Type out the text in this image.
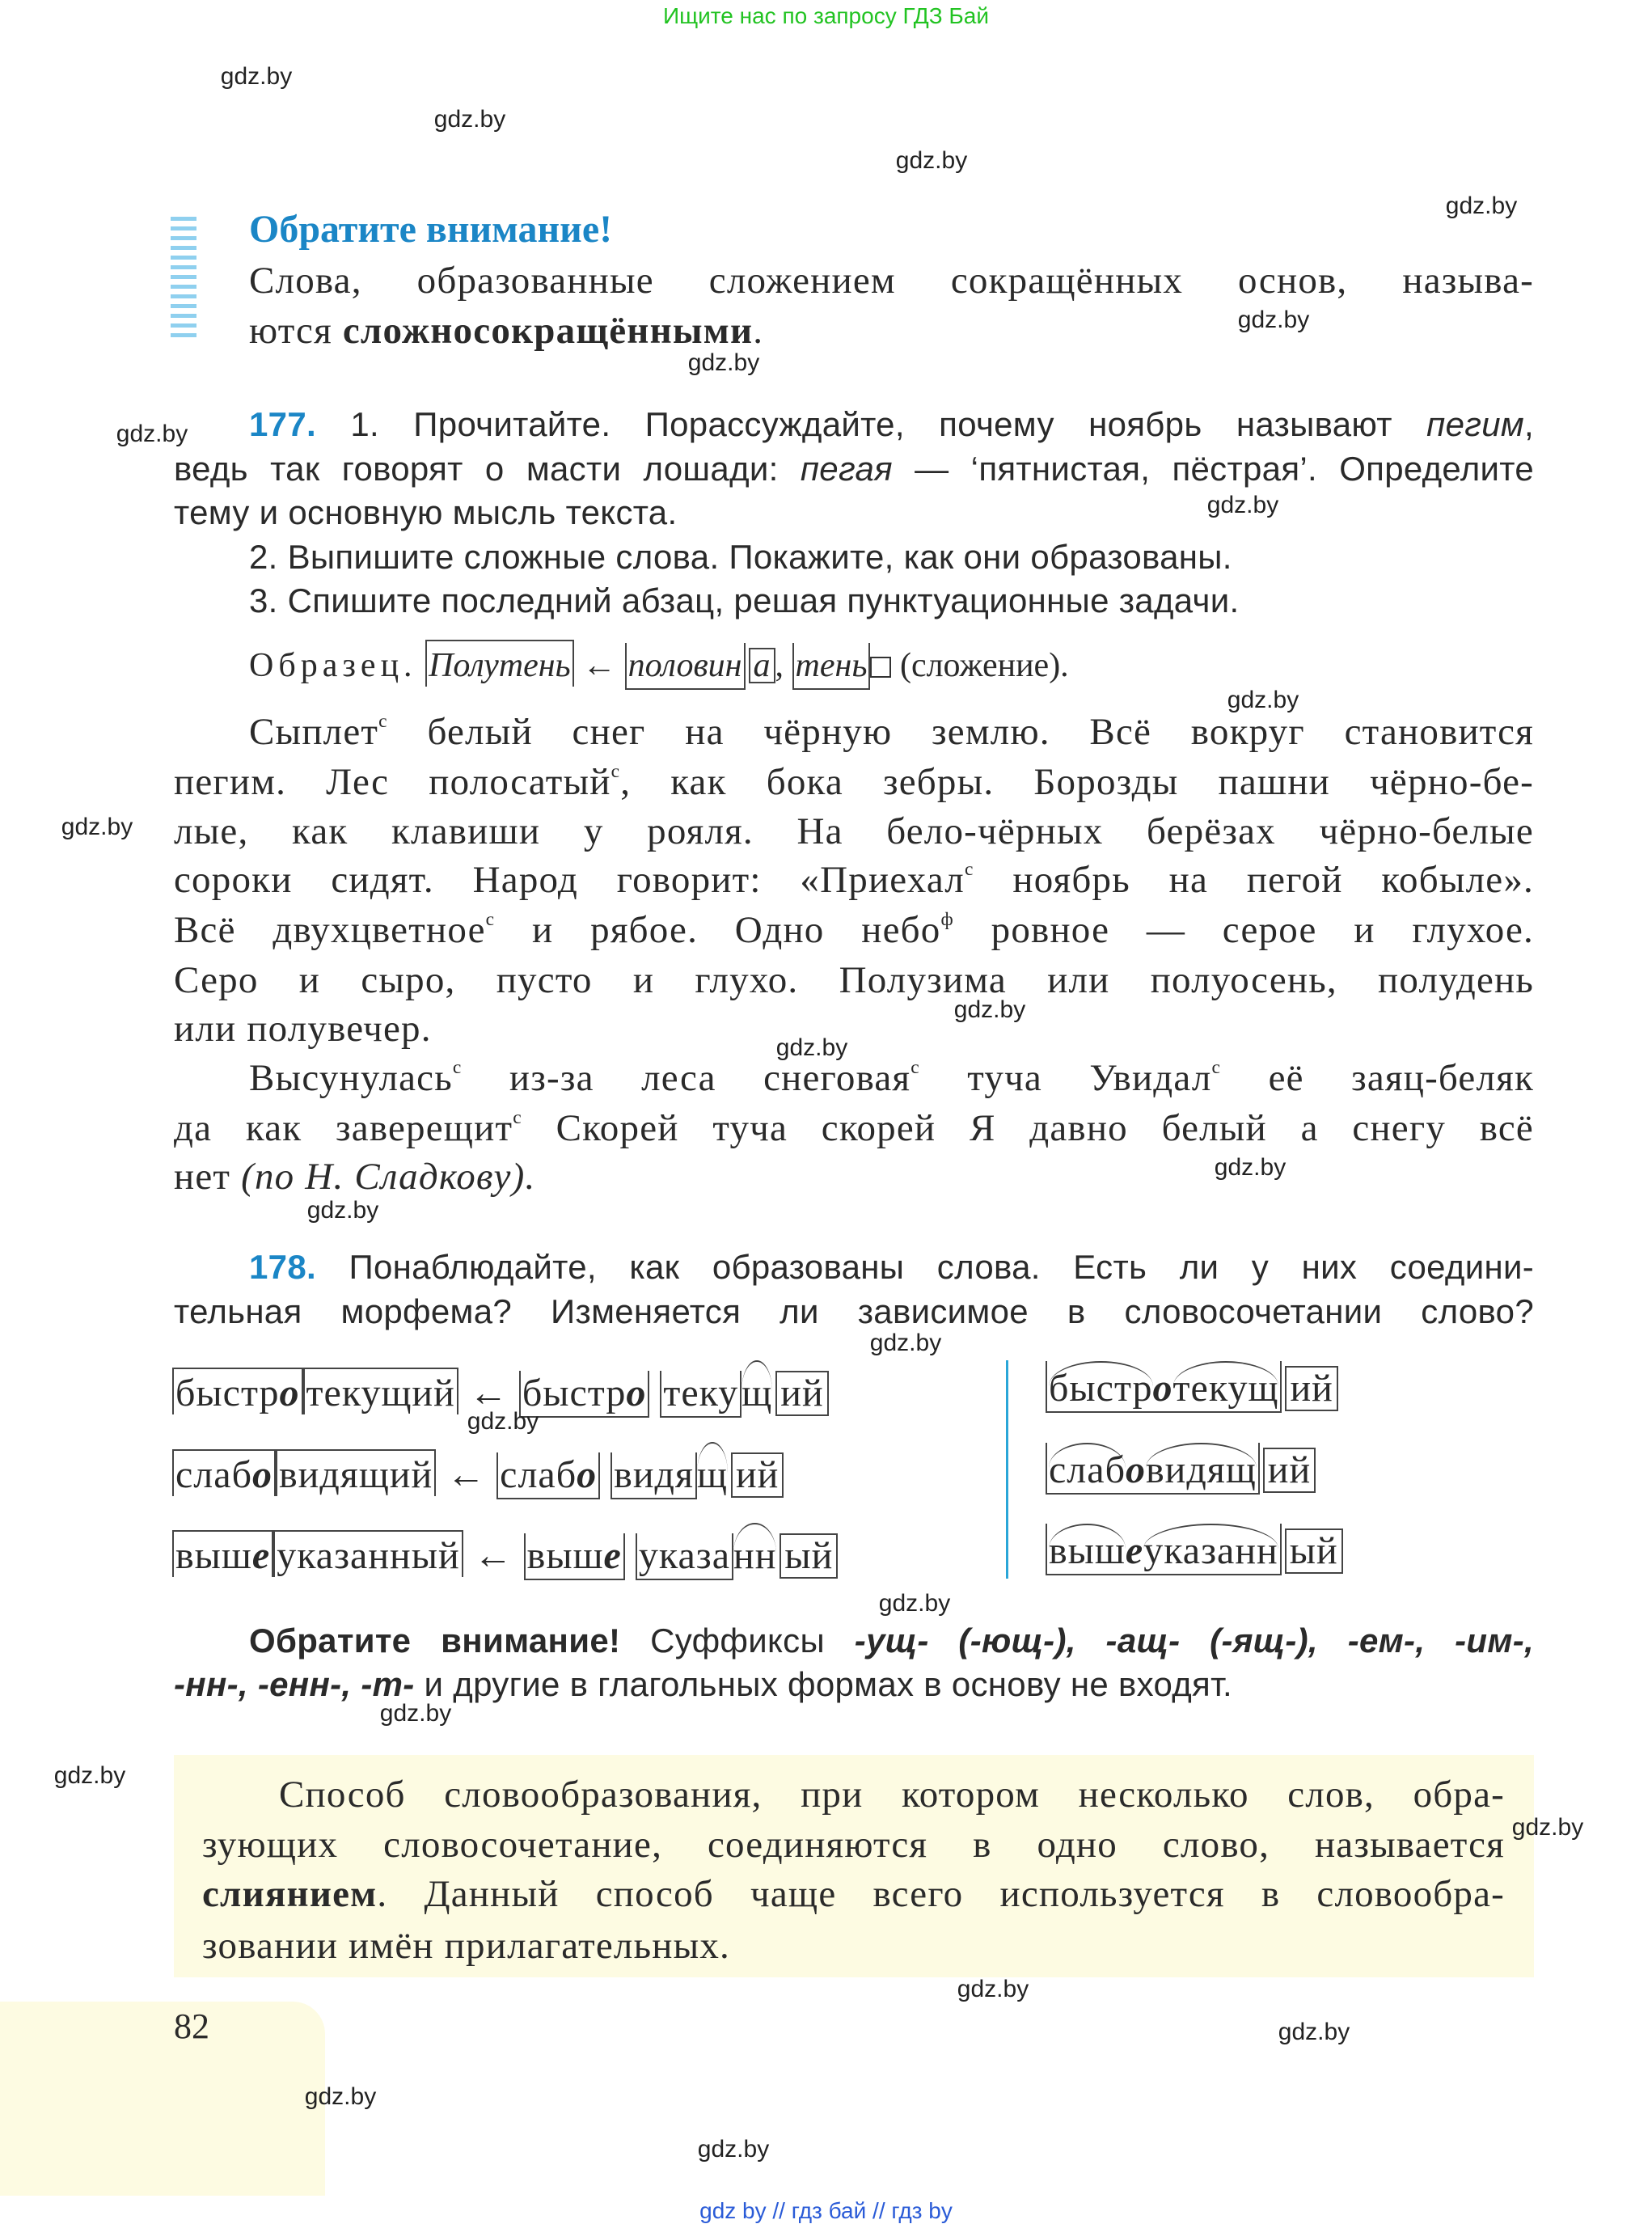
Ищите нас по запросу ГДЗ Бай
Обратите внимание!
Слова, образованные сложением сокращённых основ, называ-
ются сложносокращёнными.
177. 1. Прочитайте. Порассуждайте, почему ноябрь называют пегим,
ведь так говорят о масти лошади: пегая — ‘пятнистая, пёстрая’. Определите
тему и основную мысль текста.
2. Выпишите сложные слова. Покажите, как они образованы.
3. Спишите последний абзац, решая пунктуационные задачи.
Образец. Полутень ← половин а , тень (сложение).
Сыплет$^с$ белый снег на чёрную землю. Всё вокруг становится
пегим. Лес полосатый$^с$, как бока зебры. Борозды пашни чёрно-бе-
лые, как клавиши у рояля. На бело-чёрных берёзах чёрно-белые
сороки сидят. Народ говорит: «Приехал$^с$ ноябрь на пегой кобыле».
Всё двухцветное$^с$ и рябое. Одно небо$^ф$ ровное — серое и глухое.
Серо и сыро, пусто и глухо. Полузима или полуосень, полудень
или полувечер.
Высунулась$^с$ из-за леса снеговая$^с$ туча Увидал$^с$ её заяц-беляк
да как заверещит$^с$ Скорей туча скорей Я давно белый а снегу всё
нет (по Н. Сладкову).
178. Понаблюдайте, как образованы слова. Есть ли у них соедини-
тельная морфема? Изменяется ли зависимое в словосочетании слово?
быстро текущий ← быстро текущ ий	быстротекущ ий
слабо видящий ← слабо видящ ий	слабовидящ ий
выше указанный ← выше указанн ый	вышеуказанн ый
Обратите внимание! Суффиксы -ущ- (-ющ-), -ащ- (-ящ-), -ем-, -им-,
-нн-, -енн-, -т- и другие в глагольных формах в основу не входят.
Способ словообразования, при котором несколько слов, обра-
зующих словосочетание, соединяются в одно слово, называется
слиянием. Данный способ чаще всего используется в словообра-
зовании имён прилагательных.
82
gdz.by
gdz.by
gdz.by
gdz.by
gdz.by
gdz.by
gdz.by
gdz.by
gdz.by
gdz.by
gdz.by
gdz.by
gdz.by
gdz.by
gdz.by
gdz.by
gdz.by
gdz.by
gdz.by
gdz.by
gdz.by
gdz.by
gdz.by
gdz.by
gdz by // гдз бай // гдз by
